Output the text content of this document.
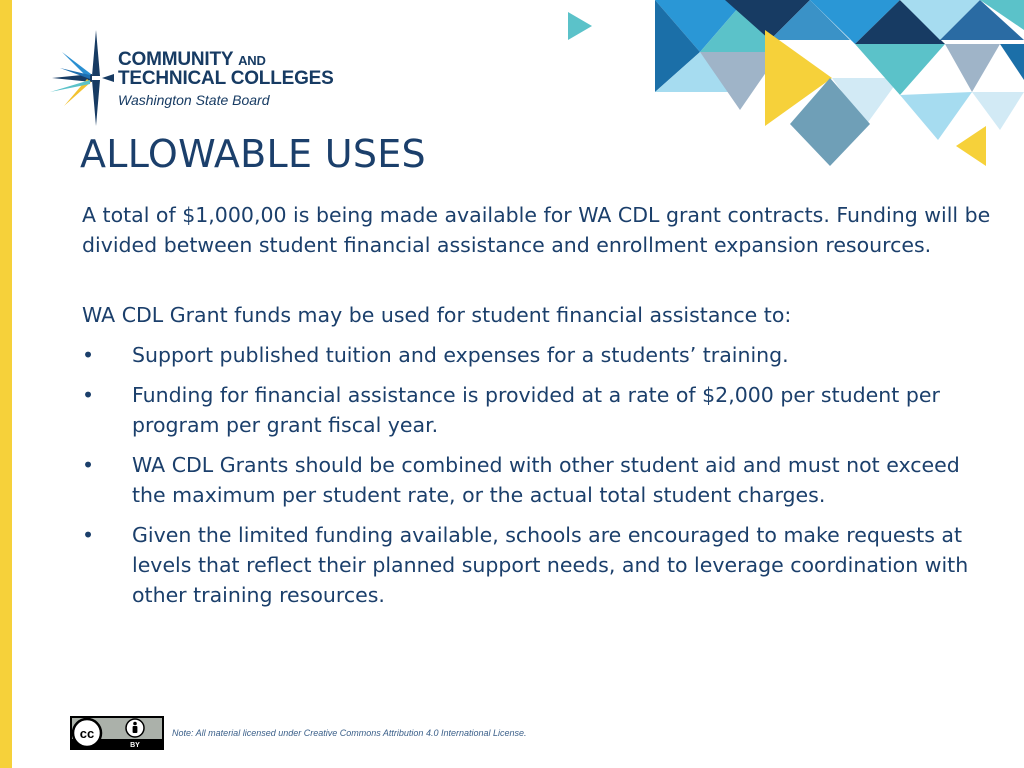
COMMUNITY AND
TECHNICAL COLLEGES
Washington State Board
ALLOWABLE USES

A total of $1,000,00 is being made available for WA CDL grant contracts. Funding will be divided between student financial assistance and enrollment expansion resources.

WA CDL Grant funds may be used for student financial assistance to:

• Support published tuition and expenses for a students’ training.
• Funding for financial assistance is provided at a rate of $2,000 per student per program per grant fiscal year.
• WA CDL Grants should be combined with other student aid and must not exceed the maximum per student rate, or the actual total student charges.
• Given the limited funding available, schools are encouraged to make requests at levels that reflect their planned support needs, and to leverage coordination with other training resources.
cc
BY
Note: All material licensed under Creative Commons Attribution 4.0 International License.
